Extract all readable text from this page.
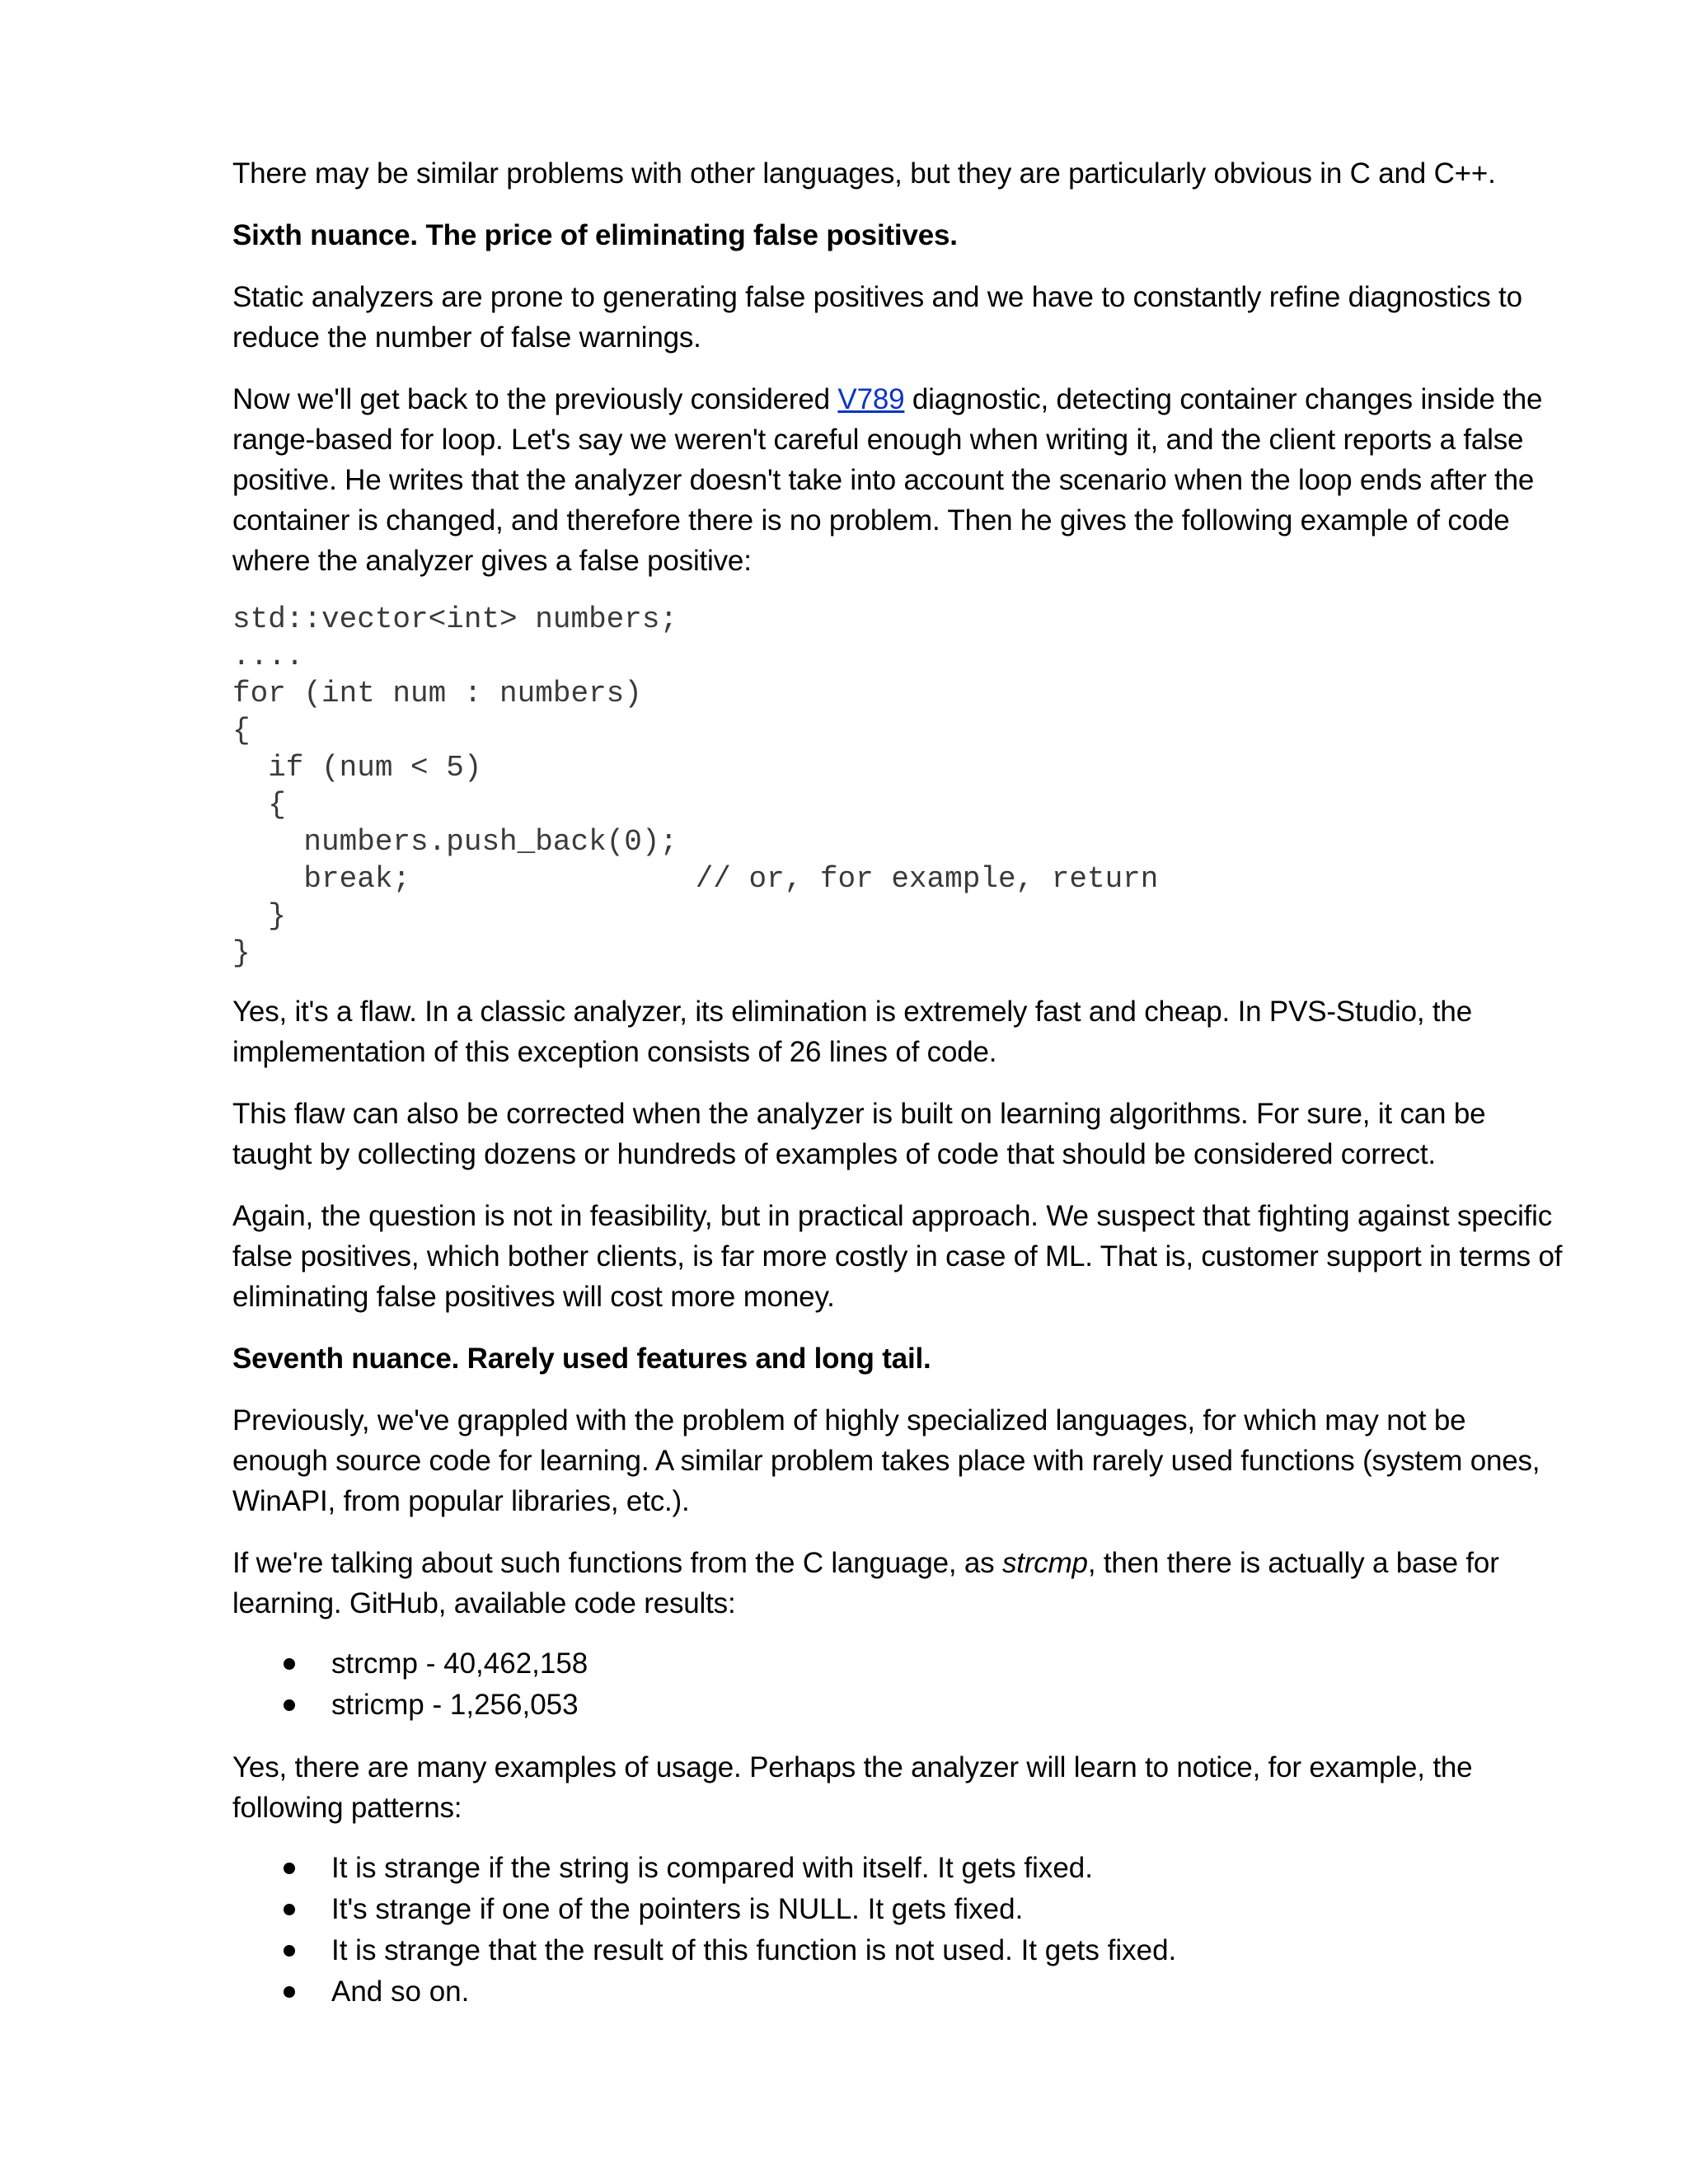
There may be similar problems with other languages, but they are particularly obvious in C and C++.

Sixth nuance. The price of eliminating false positives.

Static analyzers are prone to generating false positives and we have to constantly refine diagnostics to reduce the number of false warnings.

Now we'll get back to the previously considered V789 diagnostic, detecting container changes inside the range-based for loop. Let's say we weren't careful enough when writing it, and the client reports a false positive. He writes that the analyzer doesn't take into account the scenario when the loop ends after the container is changed, and therefore there is no problem. Then he gives the following example of code where the analyzer gives a false positive:

std::vector<int> numbers;
....
for (int num : numbers)
{
if (num < 5)
{
numbers.push_back(0);
break;                // or, for example, return
}
}

Yes, it's a flaw. In a classic analyzer, its elimination is extremely fast and cheap. In PVS-Studio, the implementation of this exception consists of 26 lines of code.

This flaw can also be corrected when the analyzer is built on learning algorithms. For sure, it can be taught by collecting dozens or hundreds of examples of code that should be considered correct.

Again, the question is not in feasibility, but in practical approach. We suspect that fighting against specific false positives, which bother clients, is far more costly in case of ML. That is, customer support in terms of eliminating false positives will cost more money.

Seventh nuance. Rarely used features and long tail.

Previously, we've grappled with the problem of highly specialized languages, for which may not be enough source code for learning. A similar problem takes place with rarely used functions (system ones, WinAPI, from popular libraries, etc.).

If we're talking about such functions from the C language, as strcmp, then there is actually a base for learning. GitHub, available code results:

strcmp - 40,462,158
stricmp - 1,256,053

Yes, there are many examples of usage. Perhaps the analyzer will learn to notice, for example, the following patterns:

It is strange if the string is compared with itself. It gets fixed.
It's strange if one of the pointers is NULL. It gets fixed.
It is strange that the result of this function is not used. It gets fixed.
And so on.
